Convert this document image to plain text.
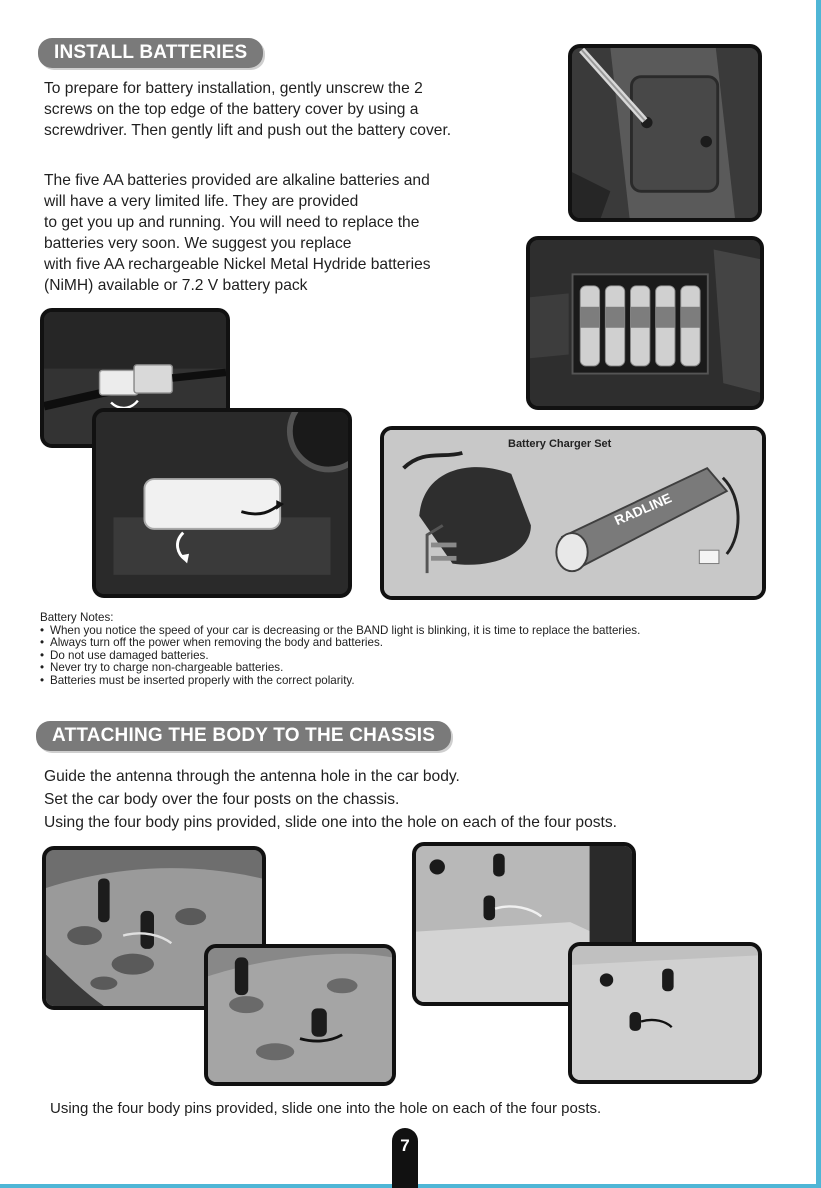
INSTALL BATTERIES
To prepare for battery installation, gently unscrew the 2
screws on the top edge of the battery cover by using a
screwdriver. Then gently lift and push out the battery cover.
The five AA batteries provided are alkaline batteries and
will have a very limited life. They are provided
to get you up and running. You will need to replace the
batteries very soon. We suggest you replace
with five AA rechargeable Nickel Metal Hydride batteries
(NiMH) available or 7.2 V battery pack
RADLINE
Battery Charger Set
Battery Notes:
• When you notice the speed of your car is decreasing or the BAND light is blinking, it is time to replace the batteries.
• Always turn off the power when removing the body and batteries.
• Do not use damaged batteries.
• Never try to charge non-chargeable batteries.
• Batteries must be inserted properly with the correct polarity.
ATTACHING THE BODY TO THE CHASSIS
Guide the antenna through the antenna hole in the car body.
Set the car body over the four posts on the chassis.
Using the four body pins provided, slide one into the hole on each of the four posts.
Using the four body pins provided, slide one into the hole on each of the four posts.
7
